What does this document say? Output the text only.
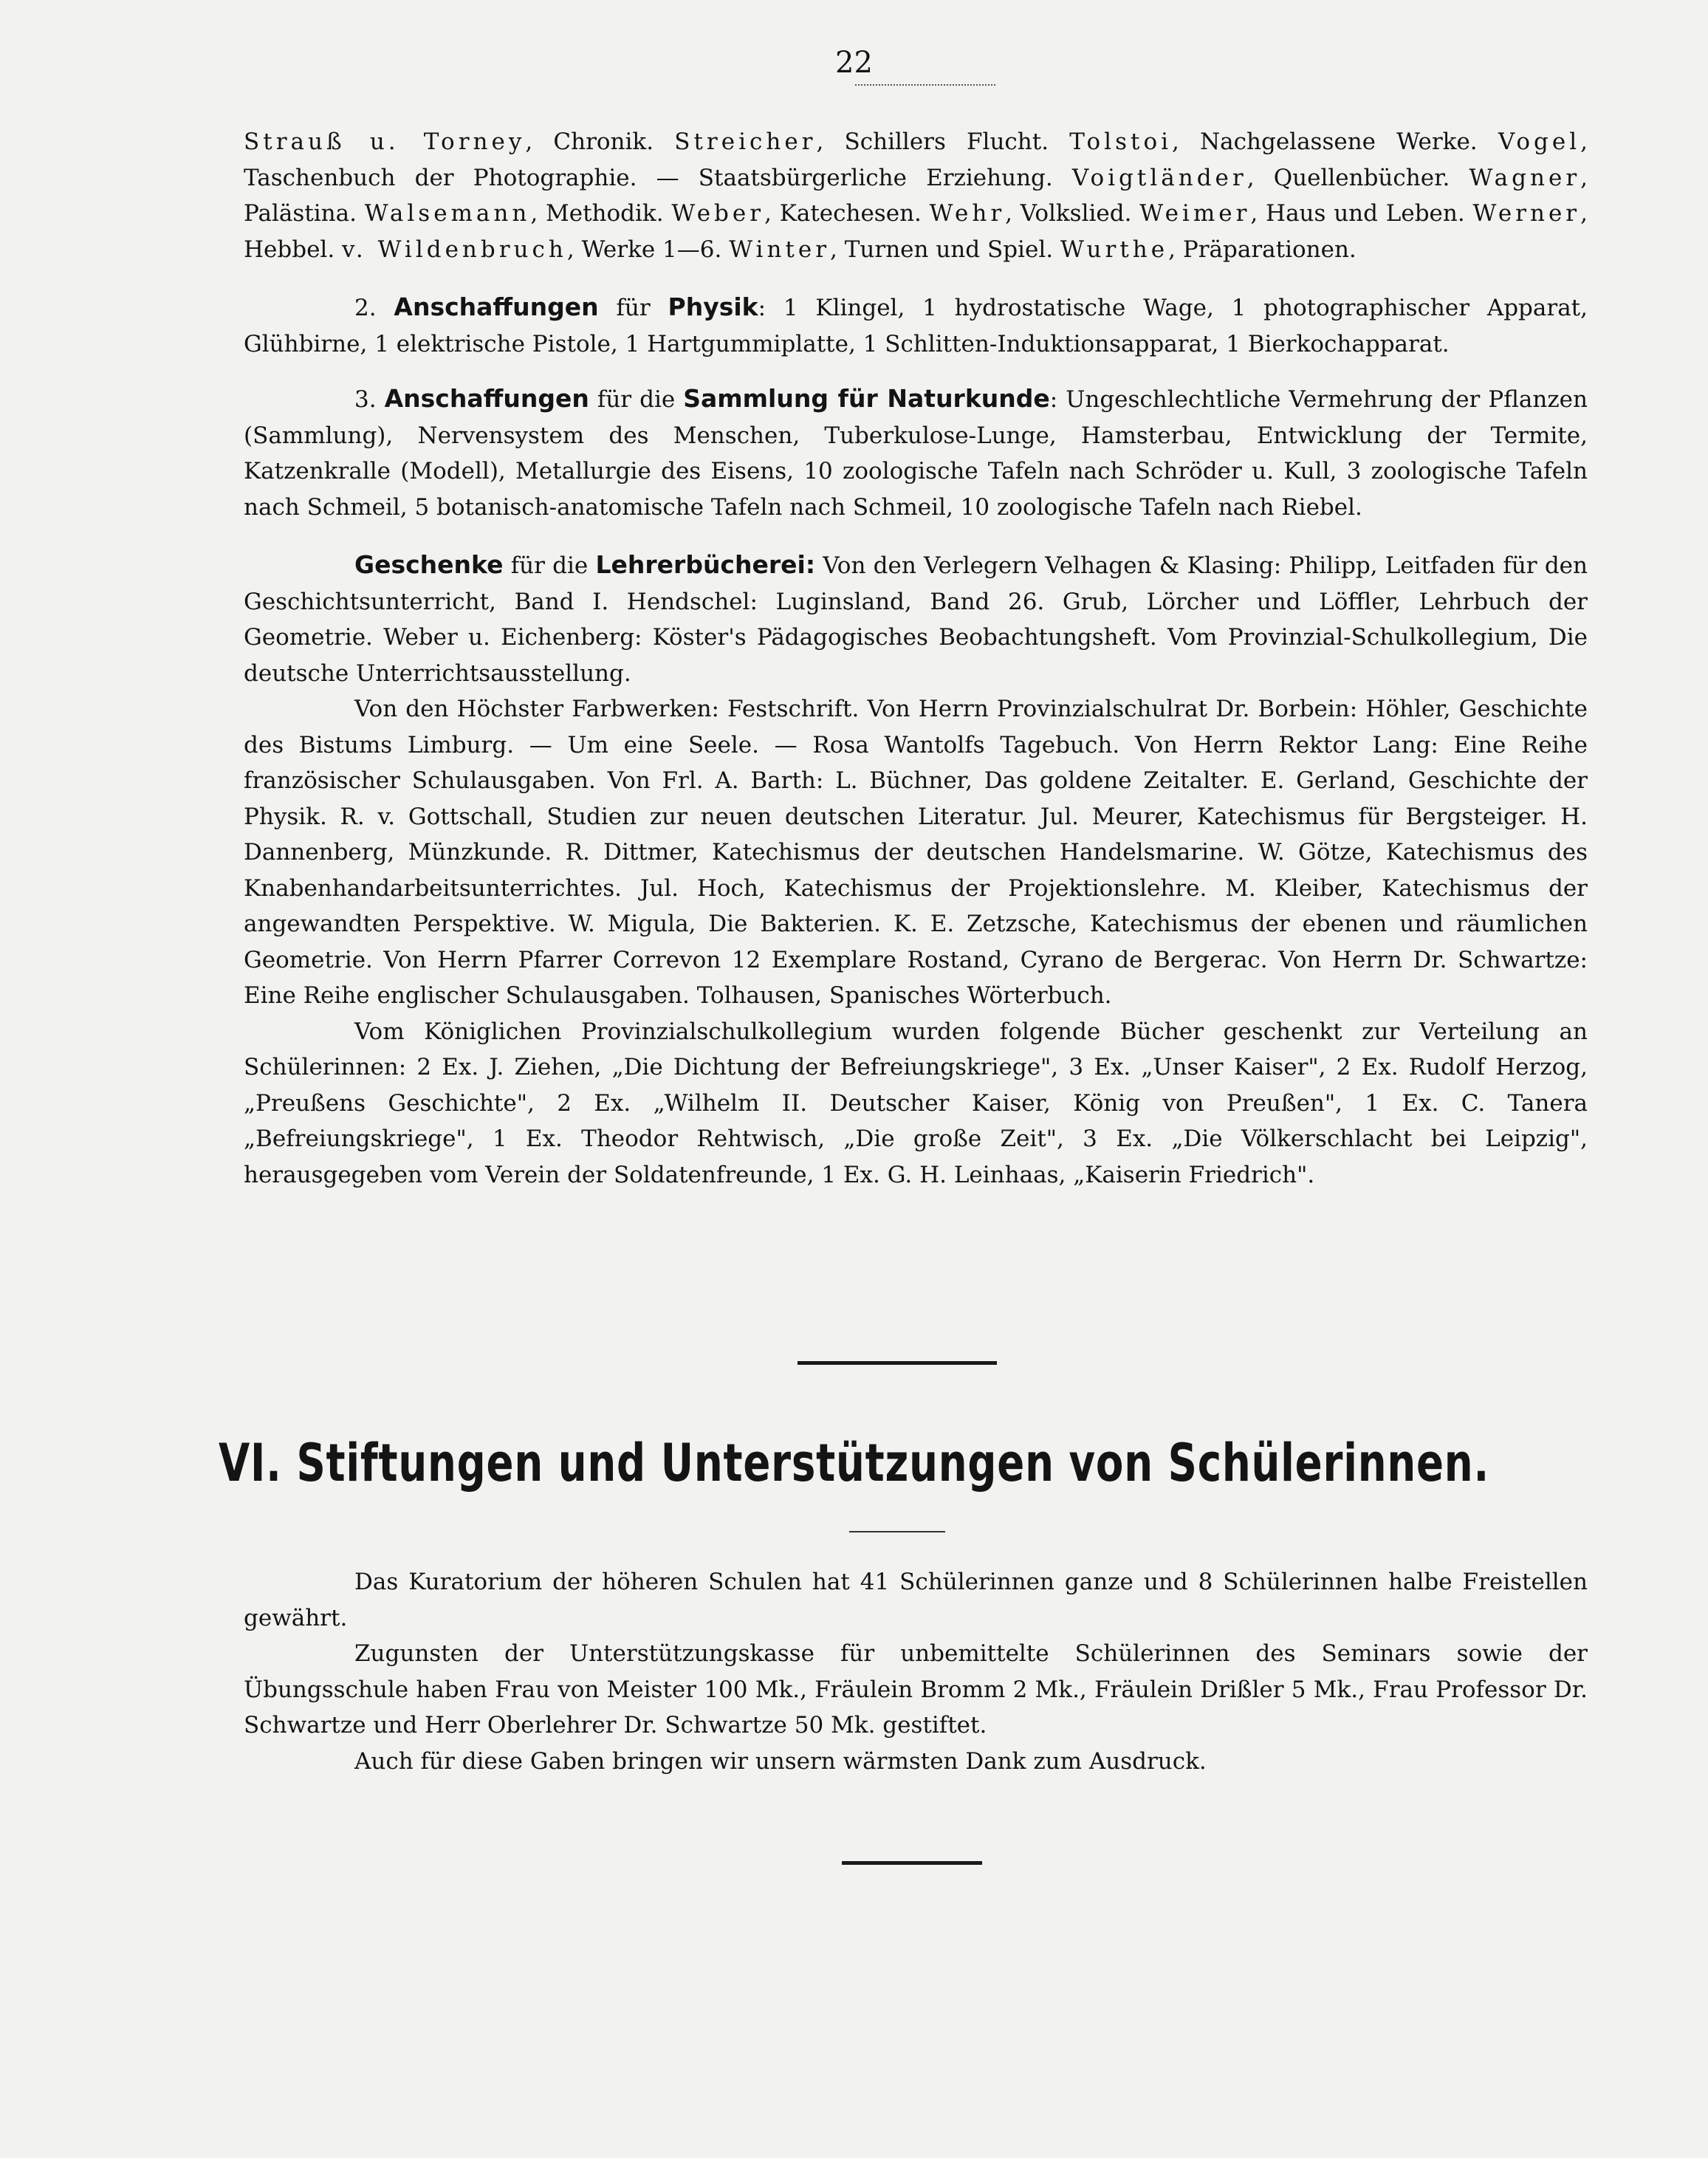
22

Strauß u. Torney, Chronik. Streicher, Schillers Flucht. Tolstoi, Nachgelassene Werke. Vogel, Taschenbuch der Photographie. — Staatsbürgerliche Erziehung. Voigtländer, Quellenbücher. Wagner, Palästina. Walsemann, Methodik. Weber, Katechesen. Wehr, Volkslied. Weimer, Haus und Leben. Werner, Hebbel. v. Wildenbruch, Werke 1—6. Winter, Turnen und Spiel. Wurthe, Präparationen.

2. Anschaffungen für Physik: 1 Klingel, 1 hydrostatische Wage, 1 photographischer Apparat, Glühbirne, 1 elektrische Pistole, 1 Hartgummiplatte, 1 Schlitten-Induktionsapparat, 1 Bierkochapparat.

3. Anschaffungen für die Sammlung für Naturkunde: Ungeschlechtliche Vermehrung der Pflanzen (Sammlung), Nervensystem des Menschen, Tuberkulose-Lunge, Hamsterbau, Entwicklung der Termite, Katzenkralle (Modell), Metallurgie des Eisens, 10 zoologische Tafeln nach Schröder u. Kull, 3 zoologische Tafeln nach Schmeil, 5 botanisch-anatomische Tafeln nach Schmeil, 10 zoologische Tafeln nach Riebel.

Geschenke für die Lehrerbücherei: Von den Verlegern Velhagen & Klasing: Philipp, Leitfaden für den Geschichtsunterricht, Band I. Hendschel: Luginsland, Band 26. Grub, Lörcher und Löffler, Lehrbuch der Geometrie. Weber u. Eichenberg: Köster's Pädagogisches Beobachtungsheft. Vom Provinzial-Schulkollegium, Die deutsche Unterrichtsausstellung.

Von den Höchster Farbwerken: Festschrift. Von Herrn Provinzialschulrat Dr. Borbein: Höhler, Geschichte des Bistums Limburg. — Um eine Seele. — Rosa Wantolfs Tagebuch. Von Herrn Rektor Lang: Eine Reihe französischer Schulausgaben. Von Frl. A. Barth: L. Büchner, Das goldene Zeitalter. E. Gerland, Geschichte der Physik. R. v. Gottschall, Studien zur neuen deutschen Literatur. Jul. Meurer, Katechismus für Bergsteiger. H. Dannenberg, Münzkunde. R. Dittmer, Katechismus der deutschen Handelsmarine. W. Götze, Katechismus des Knabenhandarbeitsunterrichtes. Jul. Hoch, Katechismus der Projektionslehre. M. Kleiber, Katechismus der angewandten Perspektive. W. Migula, Die Bakterien. K. E. Zetzsche, Katechismus der ebenen und räumlichen Geometrie. Von Herrn Pfarrer Correvon 12 Exemplare Rostand, Cyrano de Bergerac. Von Herrn Dr. Schwartze: Eine Reihe englischer Schulausgaben. Tolhausen, Spanisches Wörterbuch.

Vom Königlichen Provinzialschulkollegium wurden folgende Bücher geschenkt zur Verteilung an Schülerinnen: 2 Ex. J. Ziehen, „Die Dichtung der Befreiungskriege", 3 Ex. „Unser Kaiser", 2 Ex. Rudolf Herzog, „Preußens Geschichte", 2 Ex. „Wilhelm II. Deutscher Kaiser, König von Preußen", 1 Ex. C. Tanera „Befreiungskriege", 1 Ex. Theodor Rehtwisch, „Die große Zeit", 3 Ex. „Die Völkerschlacht bei Leipzig", herausgegeben vom Verein der Soldatenfreunde, 1 Ex. G. H. Leinhaas, „Kaiserin Friedrich".

VI. Stiftungen und Unterstützungen von Schülerinnen.

Das Kuratorium der höheren Schulen hat 41 Schülerinnen ganze und 8 Schülerinnen halbe Freistellen gewährt.

Zugunsten der Unterstützungskasse für unbemittelte Schülerinnen des Seminars sowie der Übungsschule haben Frau von Meister 100 Mk., Fräulein Bromm 2 Mk., Fräulein Drißler 5 Mk., Frau Professor Dr. Schwartze und Herr Oberlehrer Dr. Schwartze 50 Mk. gestiftet.

Auch für diese Gaben bringen wir unsern wärmsten Dank zum Ausdruck.
